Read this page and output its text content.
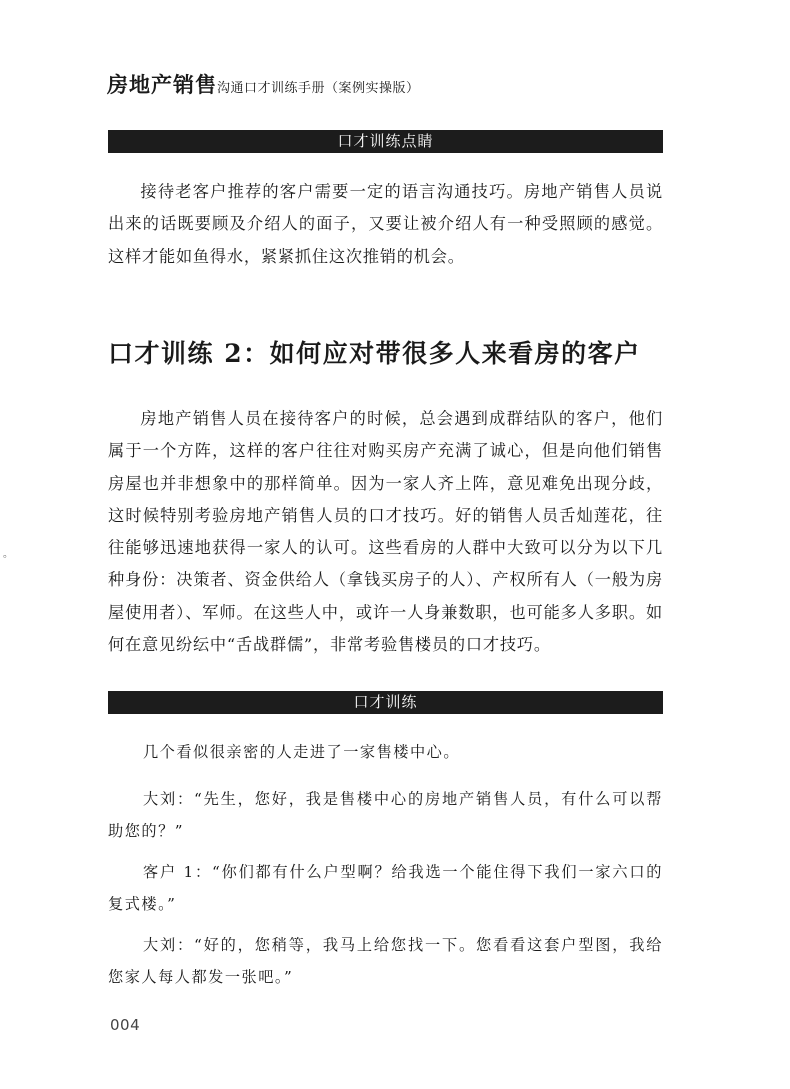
房地产销售沟通口才训练手册（案例实操版）
口才训练点睛

接待老客户推荐的客户需要一定的语言沟通技巧。房地产销售人员说出来的话既要顾及介绍人的面子，又要让被介绍人有一种受照顾的感觉。这样才能如鱼得水，紧紧抓住这次推销的机会。

口才训练 2：如何应对带很多人来看房的客户

房地产销售人员在接待客户的时候，总会遇到成群结队的客户，他们属于一个方阵，这样的客户往往对购买房产充满了诚心，但是向他们销售房屋也并非想象中的那样简单。因为一家人齐上阵，意见难免出现分歧，这时候特别考验房地产销售人员的口才技巧。好的销售人员舌灿莲花，往往能够迅速地获得一家人的认可。这些看房的人群中大致可以分为以下几种身份：决策者、资金供给人（拿钱买房子的人）、产权所有人（一般为房屋使用者）、军师。在这些人中，或许一人身兼数职，也可能多人多职。如何在意见纷纭中“舌战群儒”，非常考验售楼员的口才技巧。

口才训练

几个看似很亲密的人走进了一家售楼中心。

大刘：“先生，您好，我是售楼中心的房地产销售人员，有什么可以帮助您的？”

客户 1：“你们都有什么户型啊？给我选一个能住得下我们一家六口的复式楼。”

大刘：“好的，您稍等，我马上给您找一下。您看看这套户型图，我给您家人每人都发一张吧。”

004
。
